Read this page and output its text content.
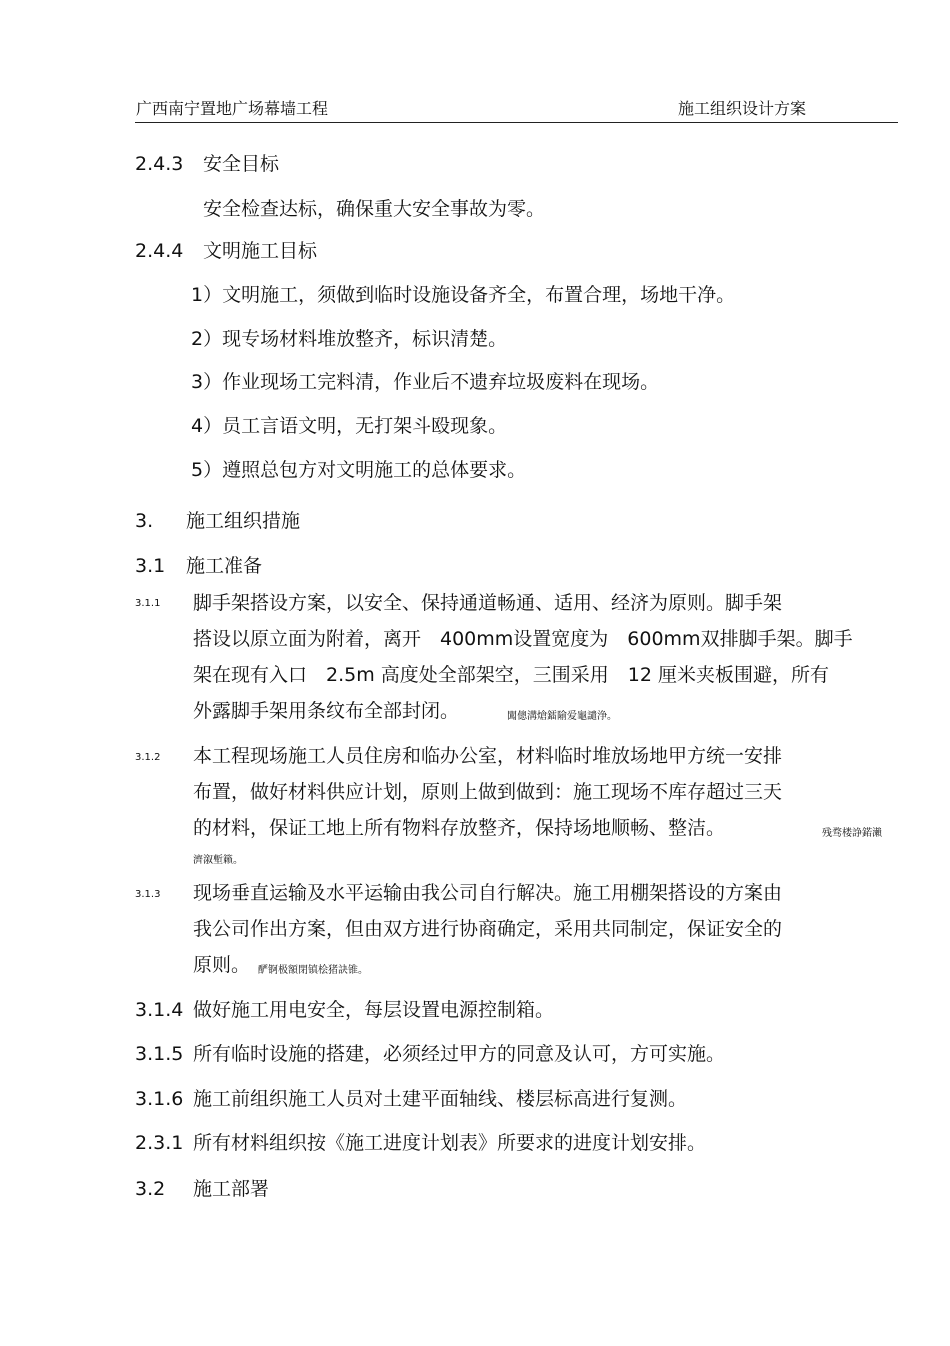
广西南宁置地广场幕墙工程	施工组织设计方案
2.4.3 安全目标
安全检查达标，确保重大安全事故为零。
2.4.4 文明施工目标
1）文明施工，须做到临时设施设备齐全，布置合理，场地干净。
2）现专场材料堆放整齐，标识清楚。
3）作业现场工完料清，作业后不遗弃垃圾废料在现场。
4）员工言语文明，无打架斗殴现象。
5）遵照总包方对文明施工的总体要求。
3. 施工组织措施
3.1 施工准备
3.1.1 脚手架搭设方案，以安全、保持通道畅通、适用、经济为原则。脚手架
搭设以原立面为附着，离开　400mm设置宽度为　600mm双排脚手架。脚手
架在现有入口　2.5m 高度处全部架空，三围采用　12 厘米夹板围避，所有
外露脚手架用条纹布全部封闭。	闖傯溝熗鐳隃爱龜譴浄。
3.1.2 本工程现场施工人员住房和临办公室，材料临时堆放场地甲方统一安排
布置，做好材料供应计划，原则上做到做到：施工现场不库存超过三天
的材料，保证工地上所有物料存放整齐，保持场地顺畅、整洁。	残骛楼諍鍩瀨
濟溆塹籟。
3.1.3 现场垂直运输及水平运输由我公司自行解决。施工用棚架搭设的方案由
我公司作出方案，但由双方进行协商确定，采用共同制定，保证安全的
原则。 酽锕极額閉镇桧猪訣锥。
3.1.4 做好施工用电安全，每层设置电源控制箱。
3.1.5 所有临时设施的搭建，必须经过甲方的同意及认可，方可实施。
3.1.6 施工前组织施工人员对土建平面轴线、楼层标高进行复测。
2.3.1 所有材料组织按《施工进度计划表》所要求的进度计划安排。
3.2 施工部署
